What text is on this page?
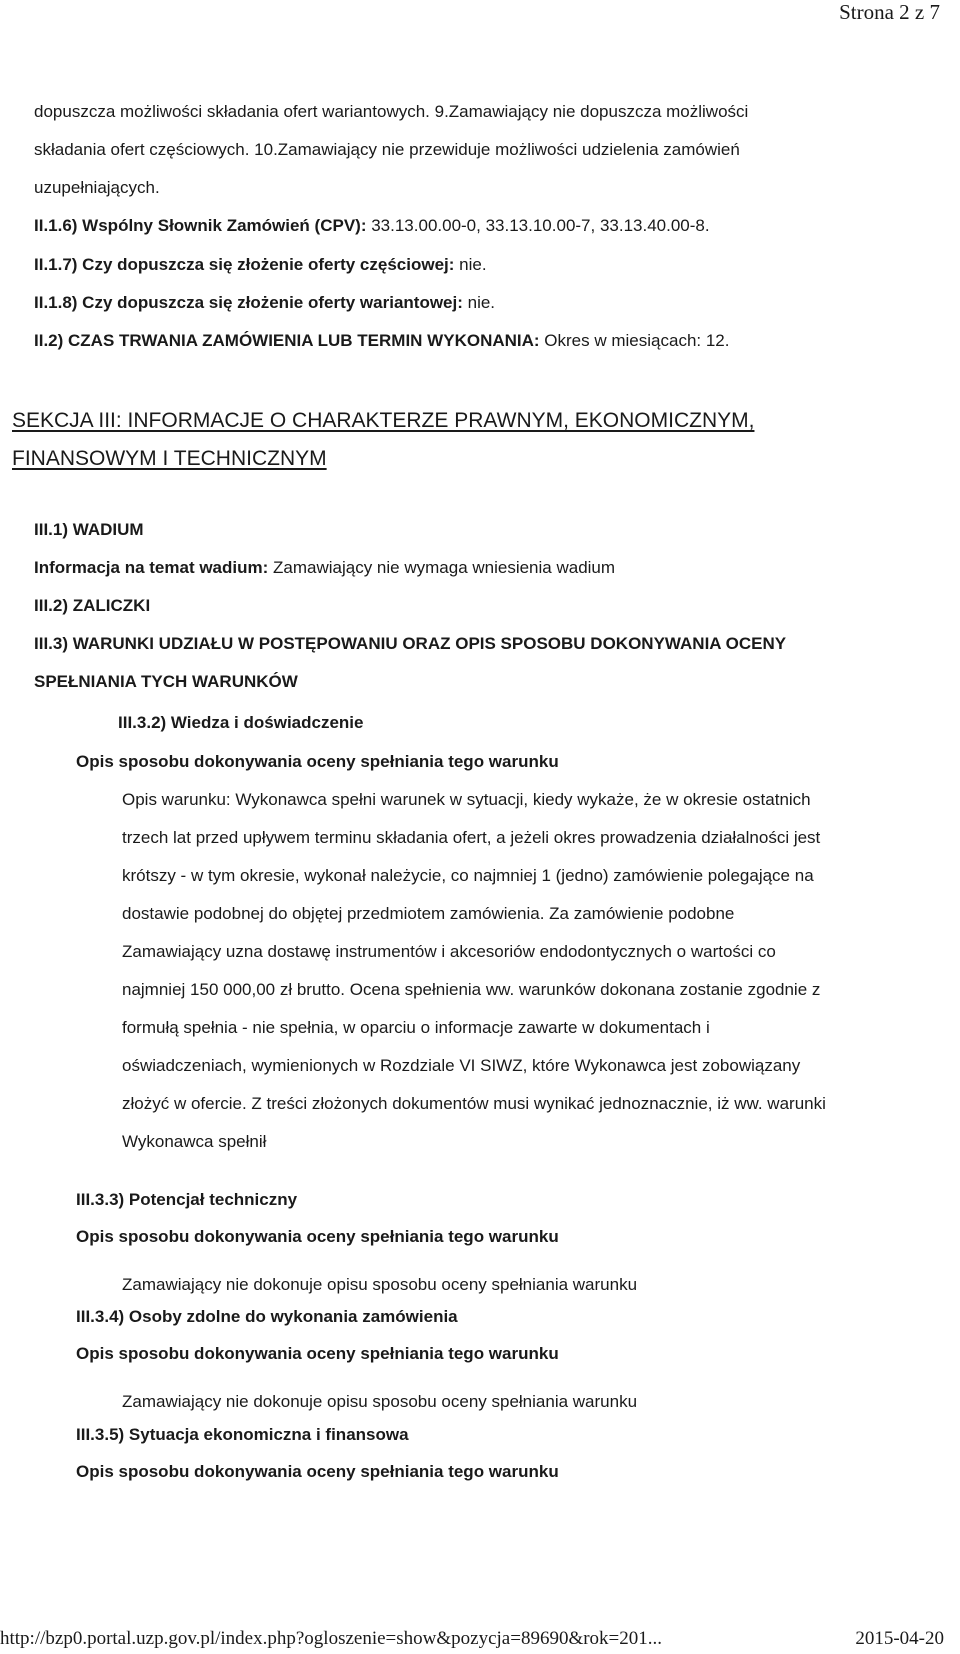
Strona 2 z 7
dopuszcza możliwości składania ofert wariantowych. 9.Zamawiający nie dopuszcza możliwości
składania ofert częściowych. 10.Zamawiający nie przewiduje możliwości udzielenia zamówień
uzupełniających.
II.1.6) Wspólny Słownik Zamówień (CPV): 33.13.00.00-0, 33.13.10.00-7, 33.13.40.00-8.
II.1.7) Czy dopuszcza się złożenie oferty częściowej: nie.
II.1.8) Czy dopuszcza się złożenie oferty wariantowej: nie.
II.2) CZAS TRWANIA ZAMÓWIENIA LUB TERMIN WYKONANIA: Okres w miesiącach: 12.
SEKCJA III: INFORMACJE O CHARAKTERZE PRAWNYM, EKONOMICZNYM,
FINANSOWYM I TECHNICZNYM
III.1) WADIUM
Informacja na temat wadium: Zamawiający nie wymaga wniesienia wadium
III.2) ZALICZKI
III.3) WARUNKI UDZIAŁU W POSTĘPOWANIU ORAZ OPIS SPOSOBU DOKONYWANIA OCENY
SPEŁNIANIA TYCH WARUNKÓW
III.3.2) Wiedza i doświadczenie
Opis sposobu dokonywania oceny spełniania tego warunku
Opis warunku: Wykonawca spełni warunek w sytuacji, kiedy wykaże, że w okresie ostatnich
trzech lat przed upływem terminu składania ofert, a jeżeli okres prowadzenia działalności jest
krótszy - w tym okresie, wykonał należycie, co najmniej 1 (jedno) zamówienie polegające na
dostawie podobnej do objętej przedmiotem zamówienia. Za zamówienie podobne
Zamawiający uzna dostawę instrumentów i akcesoriów endodontycznych o wartości co
najmniej 150 000,00 zł brutto. Ocena spełnienia ww. warunków dokonana zostanie zgodnie z
formułą spełnia - nie spełnia, w oparciu o informacje zawarte w dokumentach i
oświadczeniach, wymienionych w Rozdziale VI SIWZ, które Wykonawca jest zobowiązany
złożyć w ofercie. Z treści złożonych dokumentów musi wynikać jednoznacznie, iż ww. warunki
Wykonawca spełnił
III.3.3) Potencjał techniczny
Opis sposobu dokonywania oceny spełniania tego warunku
Zamawiający nie dokonuje opisu sposobu oceny spełniania warunku
III.3.4) Osoby zdolne do wykonania zamówienia
Opis sposobu dokonywania oceny spełniania tego warunku
Zamawiający nie dokonuje opisu sposobu oceny spełniania warunku
III.3.5) Sytuacja ekonomiczna i finansowa
Opis sposobu dokonywania oceny spełniania tego warunku
http://bzp0.portal.uzp.gov.pl/index.php?ogloszenie=show&pozycja=89690&rok=201...	2015-04-20
